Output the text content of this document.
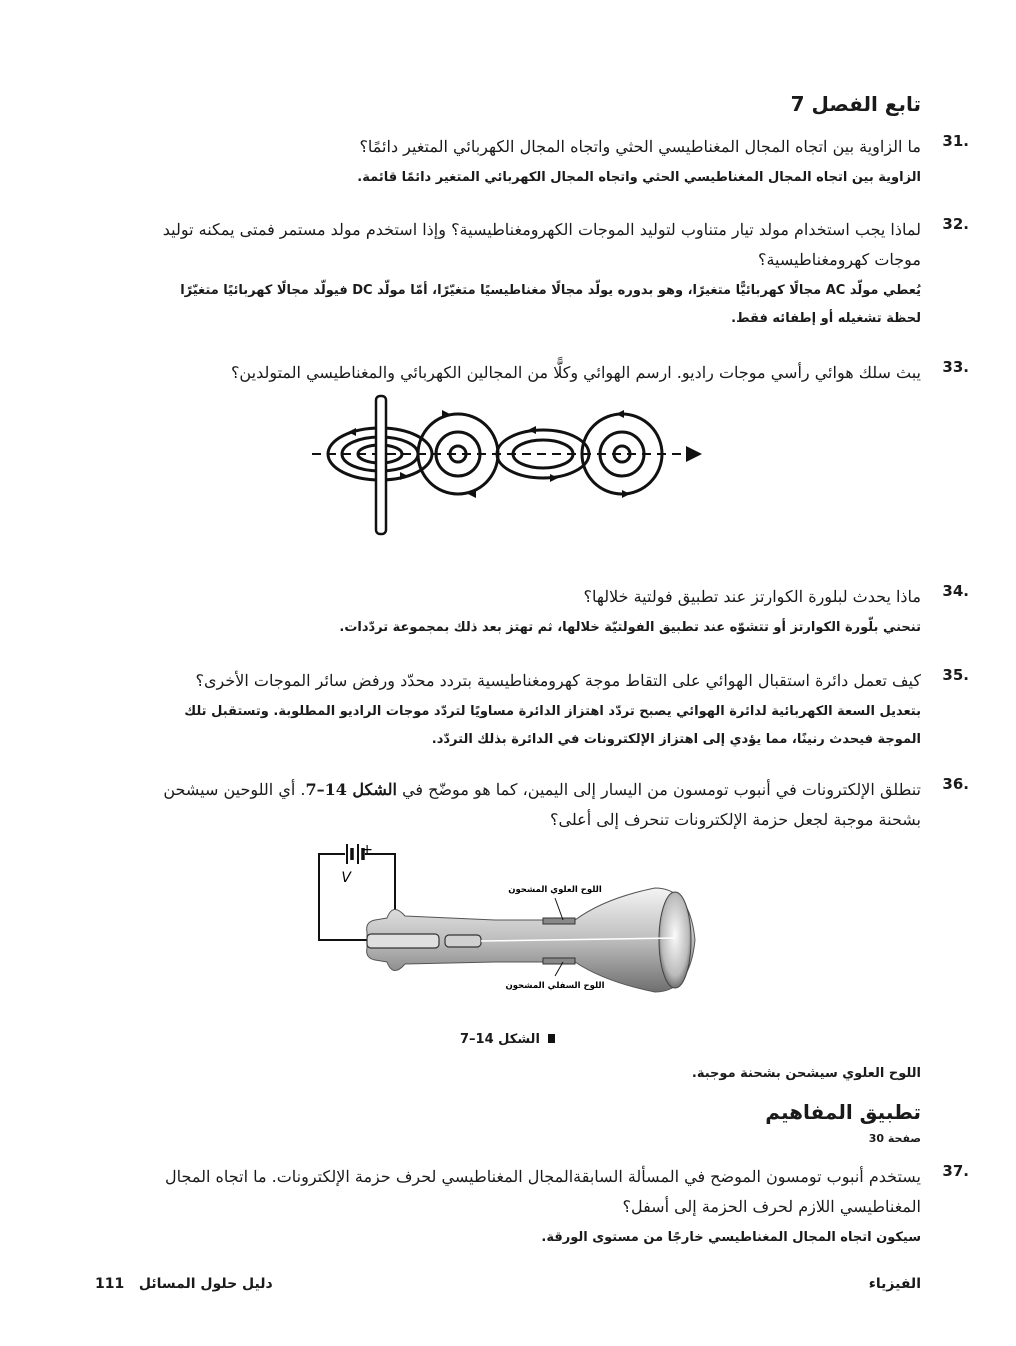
تابع الفصل 7
31.
ما الزاوية بين اتجاه المجال المغناطيسي الحثي واتجاه المجال الكهربائي المتغير دائمًا؟
الزاوية بين اتجاه المجال المغناطيسي الحثي واتجاه المجال الكهربائي المتغير دائمًا قائمة.
32.
لماذا يجب استخدام مولد تيار متناوب لتوليد الموجات الكهرومغناطيسية؟ وإذا استخدم مولد مستمر فمتى يمكنه توليد موجات كهرومغناطيسية؟
يُعطي مولّد AC مجالًا كهربائيًّا متغيرًا، وهو بدوره يولّد مجالًا مغناطيسيًا متغيّرًا، أمّا مولّد DC فيولّد مجالًا كهربائيًا متغيّرًا لحظة تشغيله أو إطفائه فقط.
33.
يبث سلك هوائي رأسي موجات راديو. ارسم الهوائي وكلًّا من المجالين الكهربائي والمغناطيسي المتولدين؟
34.
ماذا يحدث لبلورة الكوارتز عند تطبيق فولتية خلالها؟
تنحني بلّورة الكوارتز أو تتشوّه عند تطبيق الفولتيّة خلالها، ثم تهتز بعد ذلك بمجموعة تردّدات.
35.
كيف تعمل دائرة استقبال الهوائي على التقاط موجة كهرومغناطيسية بتردد محدّد ورفض سائر الموجات الأخرى؟
بتعديل السعة الكهربائية لدائرة الهوائي يصبح تردّد اهتزاز الدائرة مساويًا لتردّد موجات الراديو المطلوبة. وتستقبل تلك الموجة فيحدث رنينًا، مما يؤدي إلى اهتزاز الإلكترونات في الدائرة بذلك التردّد.
36.
تنطلق الإلكترونات في أنبوب تومسون من اليسار إلى اليمين، كما هو موضّح في الشكل 14–7. أي اللوحين سيشحن بشحنة موجبة لجعل حزمة الإلكترونات تنحرف إلى أعلى؟
+
V
اللوح العلوي المشحون
اللوح السفلي المشحون
الشكل 14–7
اللوح العلوي سيشحن بشحنة موجبة.
تطبيق المفاهيم
صفحة 30
37.
يستخدم أنبوب تومسون الموضح في المسألة السابقةالمجال المغناطيسي لحرف حزمة الإلكترونات. ما اتجاه المجال المغناطيسي اللازم لحرف الحزمة إلى أسفل؟
سيكون اتجاه المجال المغناطيسي خارجًا من مستوى الورقة.
الفيزياء
111 دليل حلول المسائل
